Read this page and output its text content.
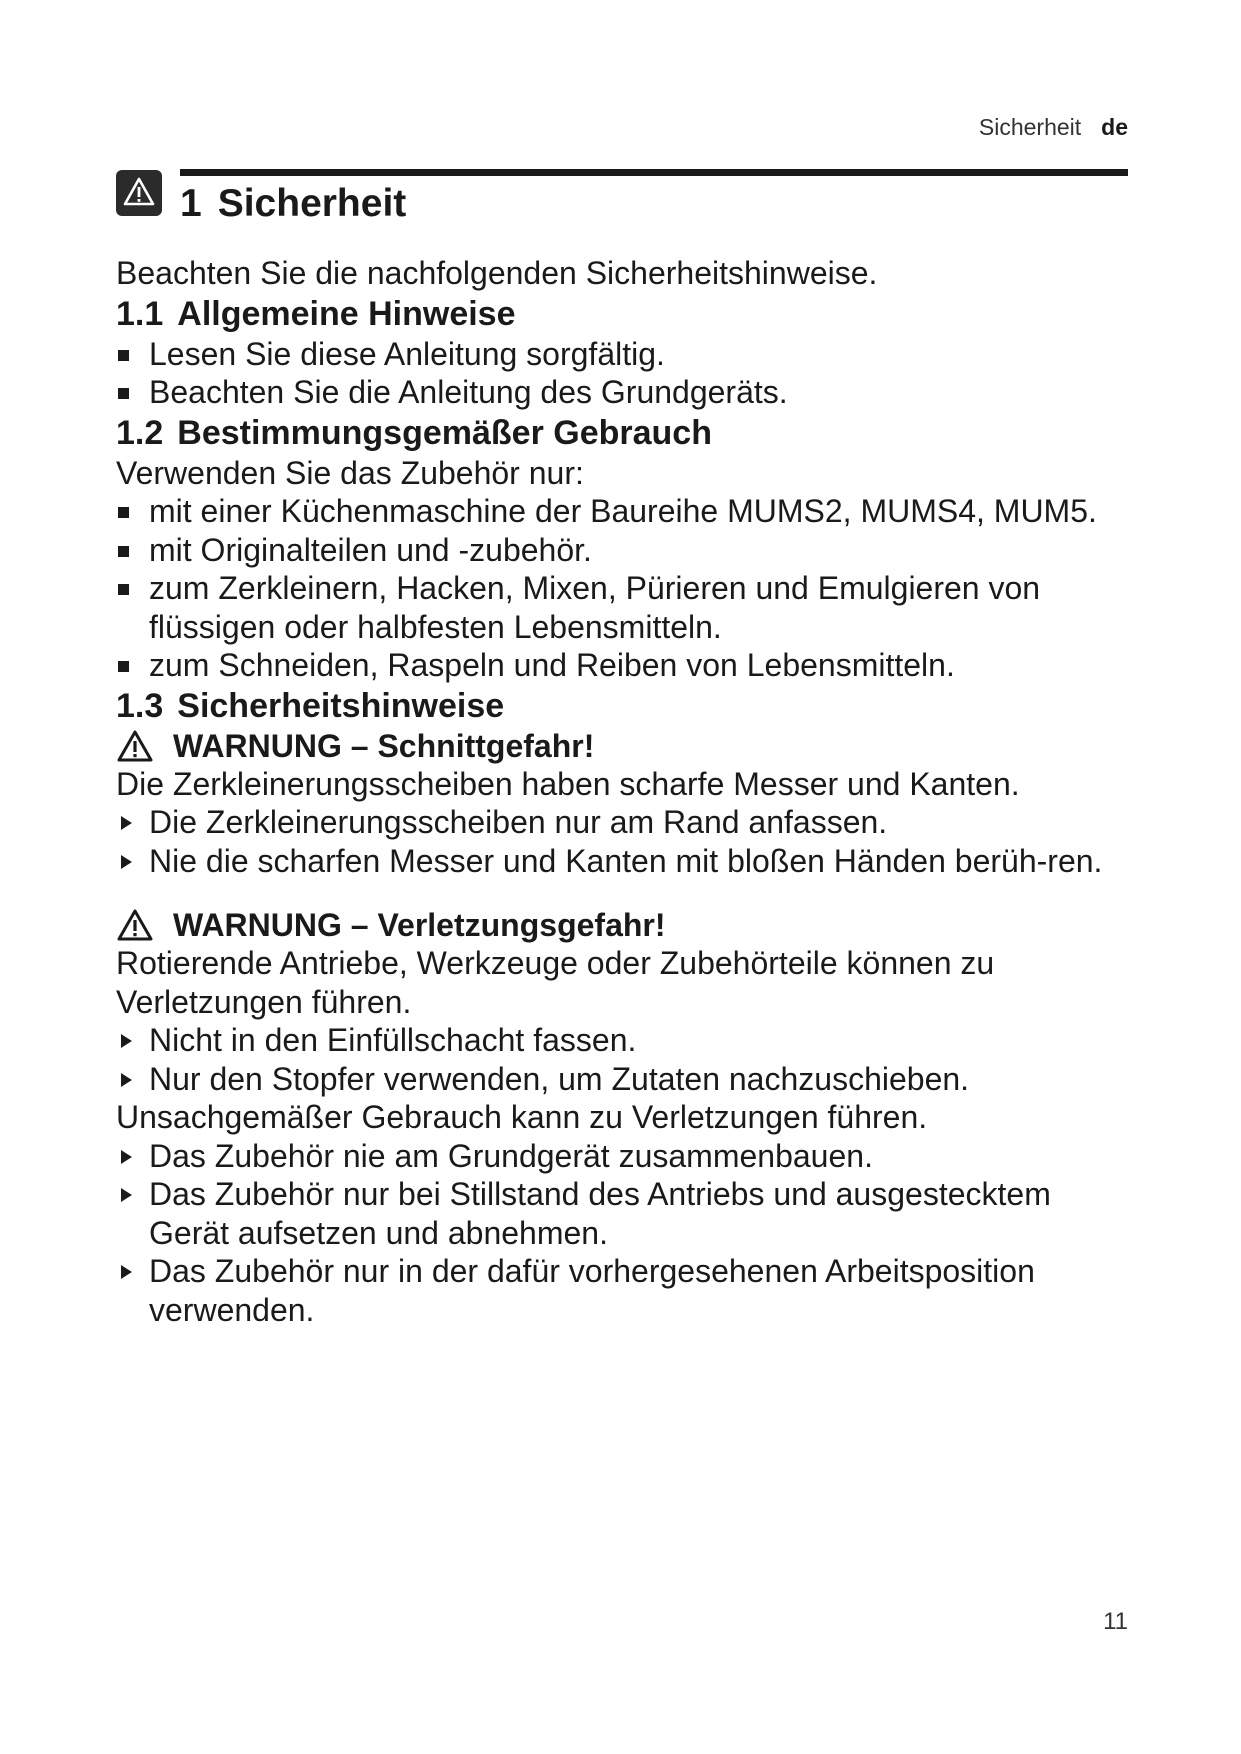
Sicherheit de
1 Sicherheit

Beachten Sie die nachfolgenden Sicherheitshinweise.

1.1 Allgemeine Hinweise
Lesen Sie diese Anleitung sorgfältig.
Beachten Sie die Anleitung des Grundgeräts.
1.2 Bestimmungsgemäßer Gebrauch

Verwenden Sie das Zubehör nur:

mit einer Küchenmaschine der Baureihe MUMS2, MUMS4, MUM5.
mit Originalteilen und -zubehör.
zum Zerkleinern, Hacken, Mixen, Pürieren und Emulgieren von flüssigen oder halbfesten Lebensmitteln.
zum Schneiden, Raspeln und Reiben von Lebensmitteln.
1.3 Sicherheitshinweise
WARNUNG – Schnittgefahr!

Die Zerkleinerungsscheiben haben scharfe Messer und Kanten.

Die Zerkleinerungsscheiben nur am Rand anfassen.
Nie die scharfen Messer und Kanten mit bloßen Händen berüh-ren.
WARNUNG – Verletzungsgefahr!

Rotierende Antriebe, Werkzeuge oder Zubehörteile können zu Verletzungen führen.

Nicht in den Einfüllschacht fassen.
Nur den Stopfer verwenden, um Zutaten nachzuschieben.

Unsachgemäßer Gebrauch kann zu Verletzungen führen.

Das Zubehör nie am Grundgerät zusammenbauen.
Das Zubehör nur bei Stillstand des Antriebs und ausgestecktem Gerät aufsetzen und abnehmen.
Das Zubehör nur in der dafür vorhergesehenen Arbeitsposition verwenden.
11
